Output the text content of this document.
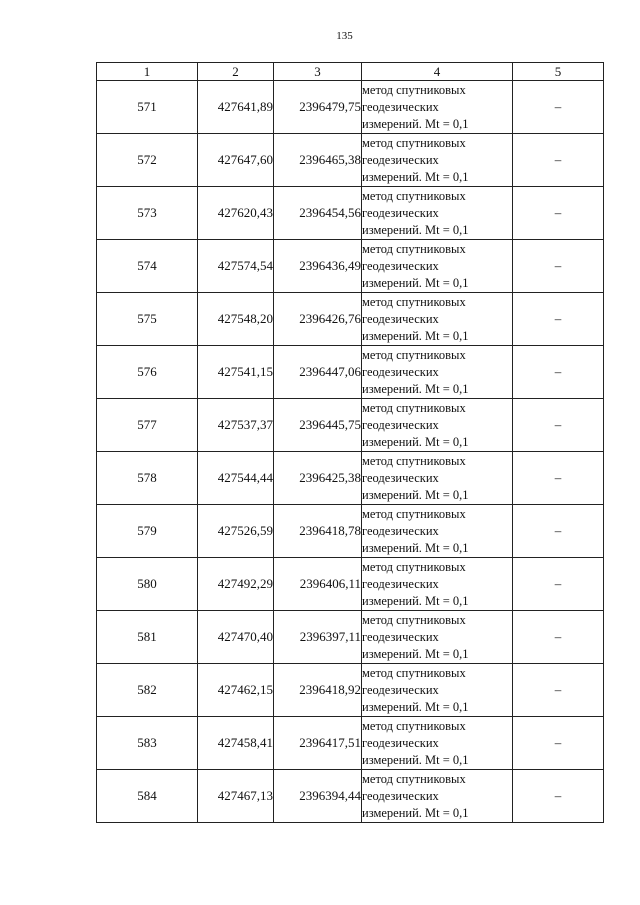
135
1	2	3	4	5
571	427641,89	2396479,75	метод спутниковых
геодезических
измерений. Mt = 0,1	–
572	427647,60	2396465,38	метод спутниковых
геодезических
измерений. Mt = 0,1	–
573	427620,43	2396454,56	метод спутниковых
геодезических
измерений. Mt = 0,1	–
574	427574,54	2396436,49	метод спутниковых
геодезических
измерений. Mt = 0,1	–
575	427548,20	2396426,76	метод спутниковых
геодезических
измерений. Mt = 0,1	–
576	427541,15	2396447,06	метод спутниковых
геодезических
измерений. Mt = 0,1	–
577	427537,37	2396445,75	метод спутниковых
геодезических
измерений. Mt = 0,1	–
578	427544,44	2396425,38	метод спутниковых
геодезических
измерений. Mt = 0,1	–
579	427526,59	2396418,78	метод спутниковых
геодезических
измерений. Mt = 0,1	–
580	427492,29	2396406,11	метод спутниковых
геодезических
измерений. Mt = 0,1	–
581	427470,40	2396397,11	метод спутниковых
геодезических
измерений. Mt = 0,1	–
582	427462,15	2396418,92	метод спутниковых
геодезических
измерений. Mt = 0,1	–
583	427458,41	2396417,51	метод спутниковых
геодезических
измерений. Mt = 0,1	–
584	427467,13	2396394,44	метод спутниковых
геодезических
измерений. Mt = 0,1	–
